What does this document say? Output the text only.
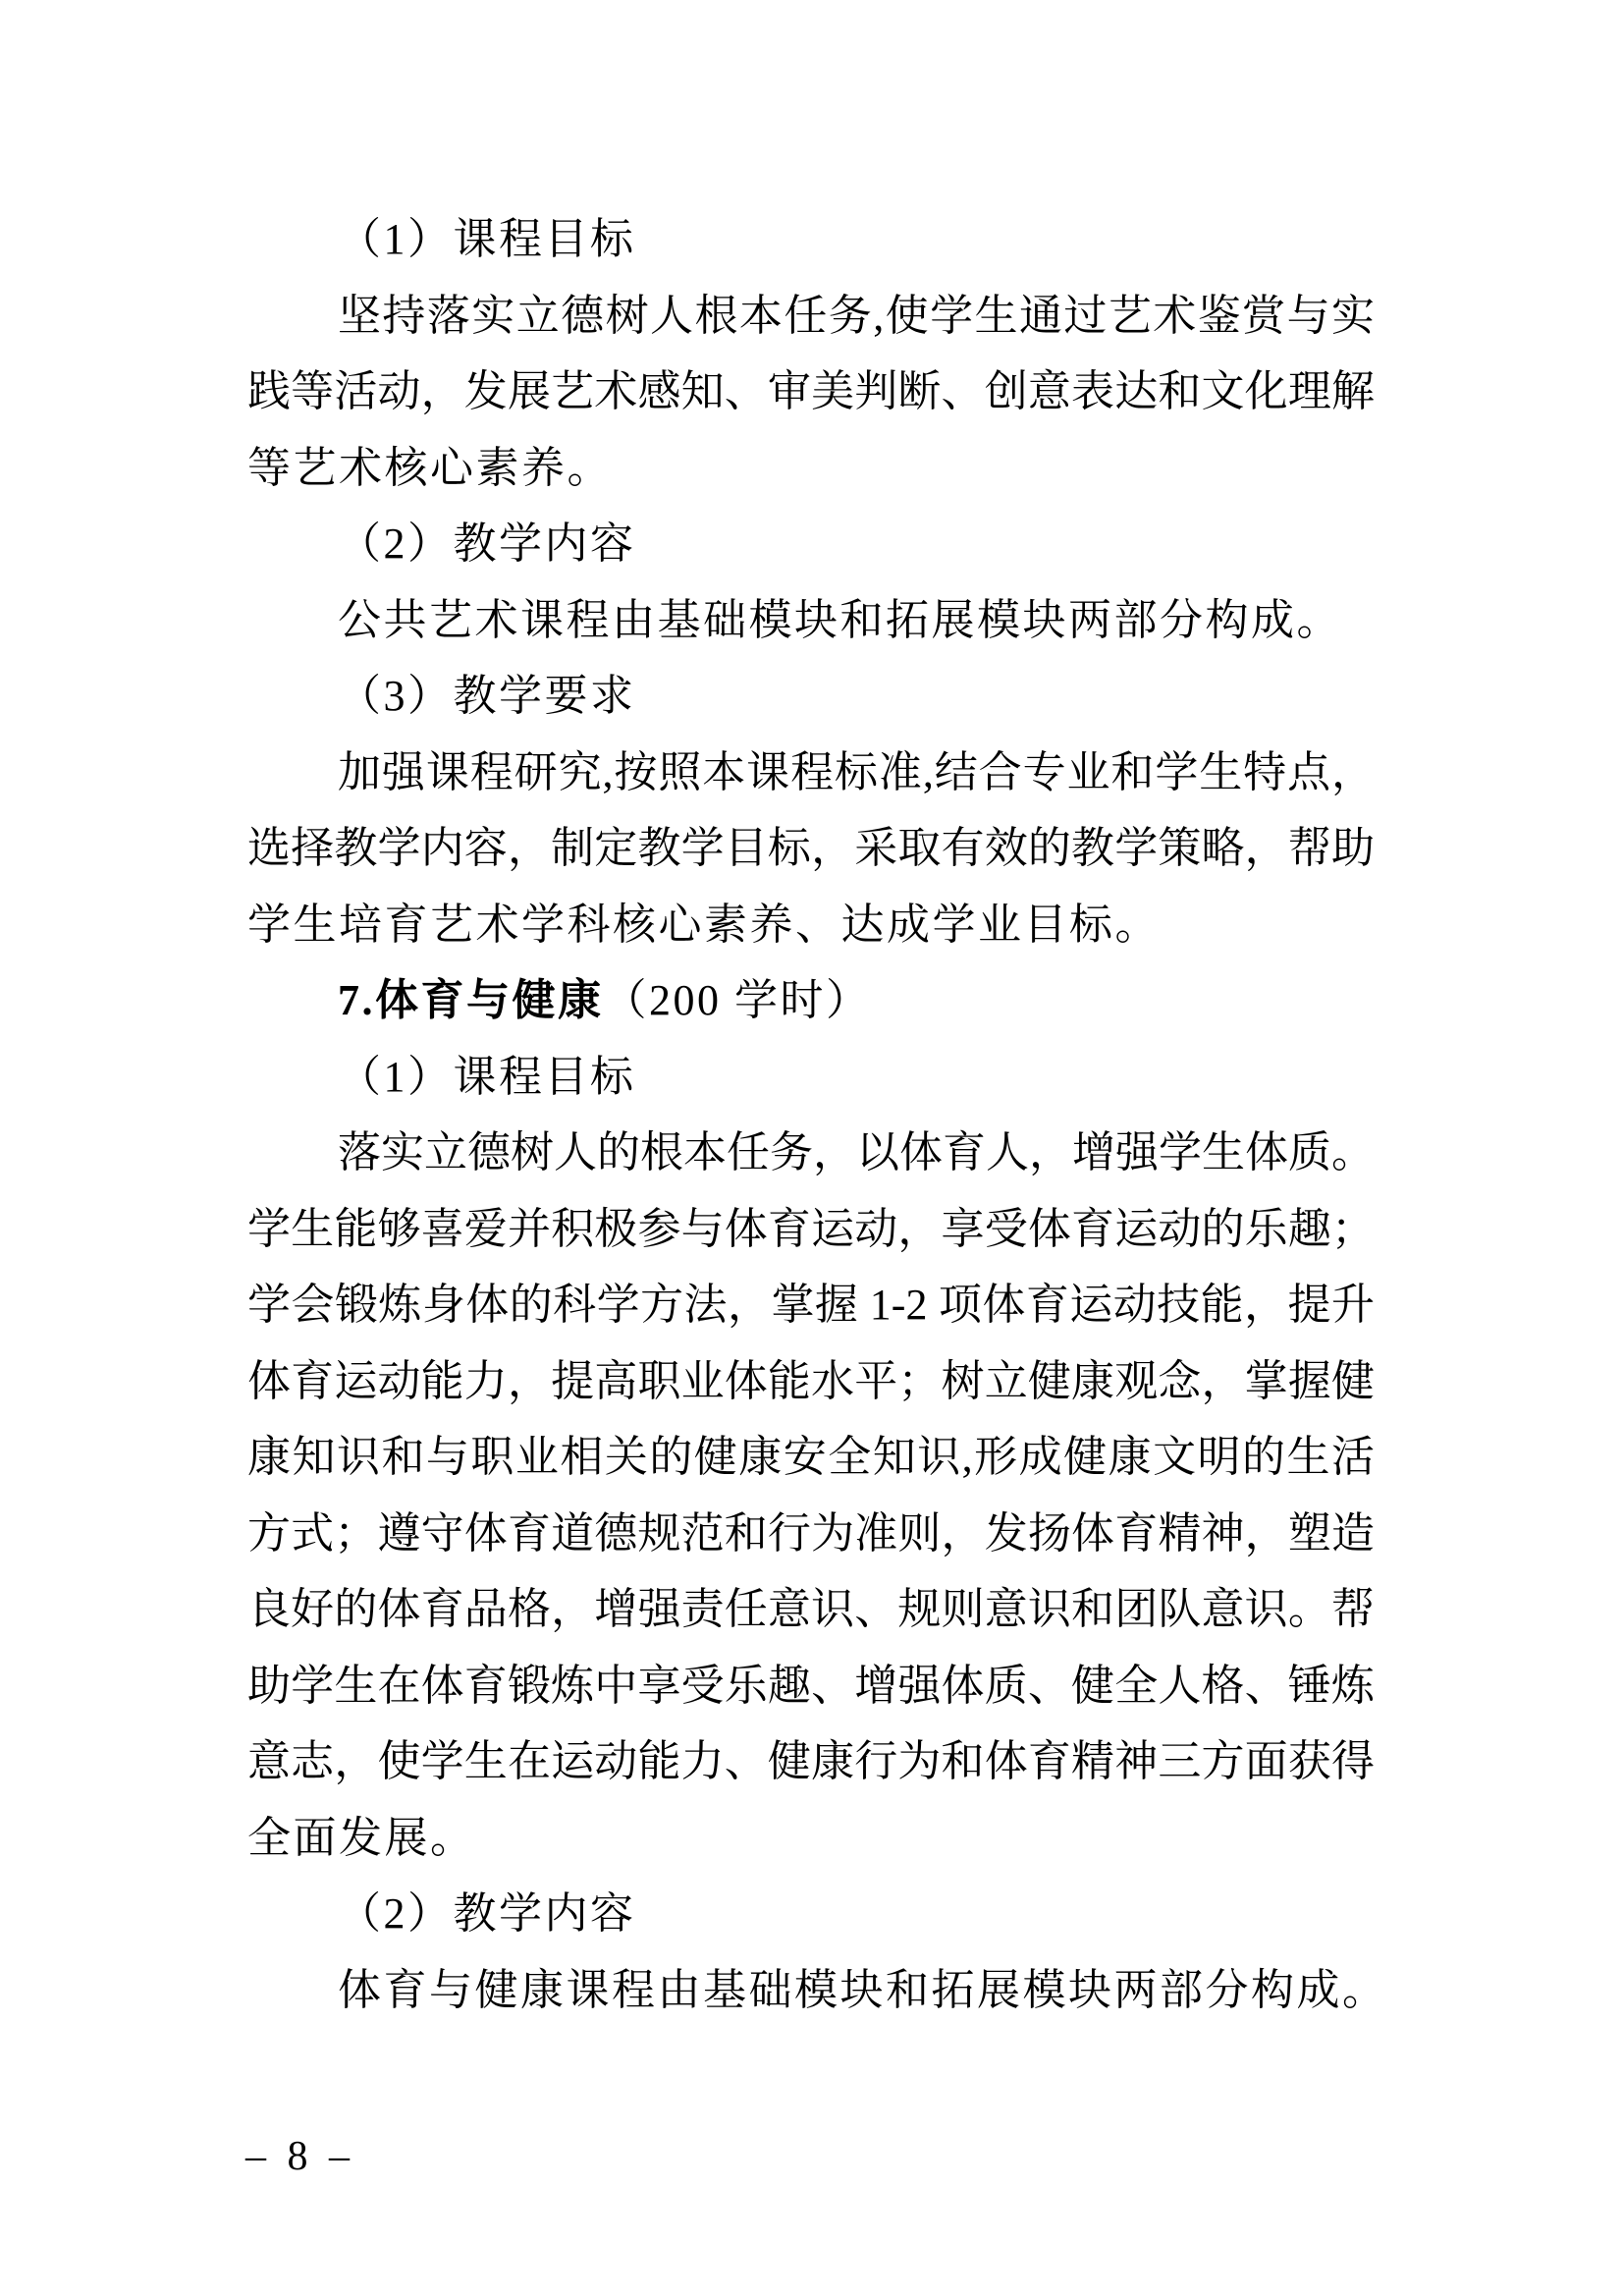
（1）课程目标
坚持落实立德树人根本任务,使学生通过艺术鉴赏与实
践等活动，发展艺术感知、审美判断、创意表达和文化理解
等艺术核心素养。
（2）教学内容
公共艺术课程由基础模块和拓展模块两部分构成。
（3）教学要求
加强课程研究,按照本课程标准,结合专业和学生特点，
选择教学内容，制定教学目标，采取有效的教学策略，帮助
学生培育艺术学科核心素养、达成学业目标。
7.体育与健康（200 学时）
（1）课程目标
落实立德树人的根本任务，以体育人，增强学生体质。
学生能够喜爱并积极参与体育运动，享受体育运动的乐趣；
学会锻炼身体的科学方法，掌握 1-2 项体育运动技能，提升
体育运动能力，提高职业体能水平；树立健康观念，掌握健
康知识和与职业相关的健康安全知识,形成健康文明的生活
方式；遵守体育道德规范和行为准则，发扬体育精神，塑造
良好的体育品格，增强责任意识、规则意识和团队意识。帮
助学生在体育锻炼中享受乐趣、增强体质、健全人格、锤炼
意志，使学生在运动能力、健康行为和体育精神三方面获得
全面发展。
（2）教学内容
体育与健康课程由基础模块和拓展模块两部分构成。
– 8 –
